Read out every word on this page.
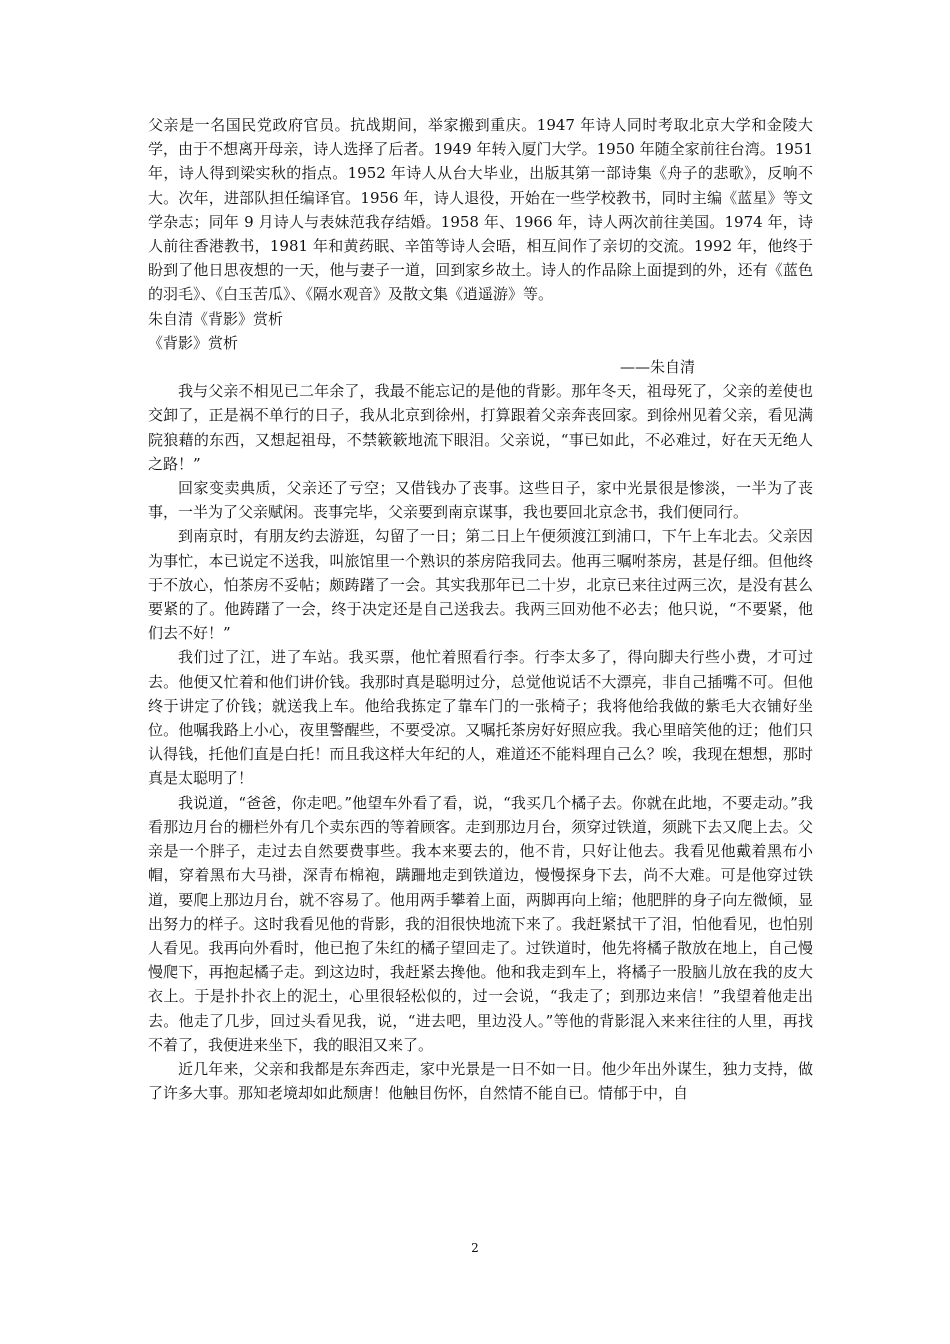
父亲是一名国民党政府官员。抗战期间，举家搬到重庆。1947 年诗人同时考取北京大学和金陵大学，由于不想离开母亲，诗人选择了后者。1949 年转入厦门大学。1950 年随全家前往台湾。1951 年，诗人得到梁实秋的指点。1952 年诗人从台大毕业，出版其第一部诗集《舟子的悲歌》，反响不大。次年，进部队担任编译官。1956 年，诗人退役，开始在一些学校教书，同时主编《蓝星》等文学杂志；同年 9 月诗人与表妹范我存结婚。1958 年、1966 年，诗人两次前往美国。1974 年，诗人前往香港教书，1981 年和黄药眠、辛笛等诗人会晤，相互间作了亲切的交流。1992 年，他终于盼到了他日思夜想的一天，他与妻子一道，回到家乡故土。诗人的作品除上面提到的外，还有《蓝色的羽毛》、《白玉苦瓜》、《隔水观音》及散文集《逍遥游》等。

朱自清《背影》赏析

《背影》赏析

——朱自清

我与父亲不相见已二年余了，我最不能忘记的是他的背影。那年冬天，祖母死了，父亲的差使也交卸了，正是祸不单行的日子，我从北京到徐州，打算跟着父亲奔丧回家。到徐州见着父亲，看见满院狼藉的东西，又想起祖母，不禁簌簌地流下眼泪。父亲说，“事已如此，不必难过，好在天无绝人之路！”

回家变卖典质，父亲还了亏空；又借钱办了丧事。这些日子，家中光景很是惨淡，一半为了丧事，一半为了父亲赋闲。丧事完毕，父亲要到南京谋事，我也要回北京念书，我们便同行。

到南京时，有朋友约去游逛，勾留了一日；第二日上午便须渡江到浦口，下午上车北去。父亲因为事忙，本已说定不送我，叫旅馆里一个熟识的茶房陪我同去。他再三嘱咐茶房，甚是仔细。但他终于不放心，怕茶房不妥帖；颇踌躇了一会。其实我那年已二十岁，北京已来往过两三次，是没有甚么要紧的了。他踌躇了一会，终于决定还是自己送我去。我两三回劝他不必去；他只说，“不要紧，他们去不好！”

我们过了江，进了车站。我买票，他忙着照看行李。行李太多了，得向脚夫行些小费，才可过去。他便又忙着和他们讲价钱。我那时真是聪明过分，总觉他说话不大漂亮，非自己插嘴不可。但他终于讲定了价钱；就送我上车。他给我拣定了靠车门的一张椅子；我将他给我做的紫毛大衣铺好坐位。他嘱我路上小心，夜里警醒些，不要受凉。又嘱托茶房好好照应我。我心里暗笑他的迂；他们只认得钱，托他们直是白托！而且我这样大年纪的人，难道还不能料理自己么？唉，我现在想想，那时真是太聪明了！

我说道，“爸爸，你走吧。”他望车外看了看，说，“我买几个橘子去。你就在此地，不要走动。”我看那边月台的栅栏外有几个卖东西的等着顾客。走到那边月台，须穿过铁道，须跳下去又爬上去。父亲是一个胖子，走过去自然要费事些。我本来要去的，他不肯，只好让他去。我看见他戴着黑布小帽，穿着黑布大马褂，深青布棉袍，蹒跚地走到铁道边，慢慢探身下去，尚不大难。可是他穿过铁道，要爬上那边月台，就不容易了。他用两手攀着上面，两脚再向上缩；他肥胖的身子向左微倾，显出努力的样子。这时我看见他的背影，我的泪很快地流下来了。我赶紧拭干了泪，怕他看见，也怕别人看见。我再向外看时，他已抱了朱红的橘子望回走了。过铁道时，他先将橘子散放在地上，自己慢慢爬下，再抱起橘子走。到这边时，我赶紧去搀他。他和我走到车上，将橘子一股脑儿放在我的皮大衣上。于是扑扑衣上的泥土，心里很轻松似的，过一会说，“我走了；到那边来信！”我望着他走出去。他走了几步，回过头看见我，说，“进去吧，里边没人。”等他的背影混入来来往往的人里，再找不着了，我便进来坐下，我的眼泪又来了。

近几年来，父亲和我都是东奔西走，家中光景是一日不如一日。他少年出外谋生，独力支持，做了许多大事。那知老境却如此颓唐！他触目伤怀，自然情不能自已。情郁于中，自

2
